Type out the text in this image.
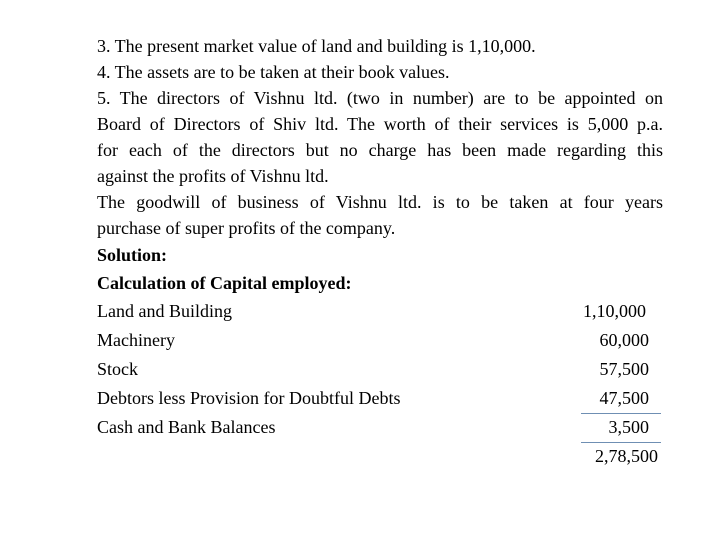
3. The present market value of land and building is 1,10,000.
4. The assets are to be taken at their book values.
5. The directors of Vishnu ltd. (two in number) are to be appointed on
Board of Directors of Shiv ltd. The worth of their services is 5,000 p.a.
for each of the directors but no charge has been made regarding this
against the profits of Vishnu ltd.
The goodwill of business of Vishnu ltd. is to be taken at four years
purchase of super profits of the company.
Solution:
Calculation of Capital employed:
Land and Building	1,10,000
Machinery	60,000
Stock	57,500
Debtors less Provision for Doubtful Debts	47,500
Cash and Bank Balances	3,500
2,78,500
